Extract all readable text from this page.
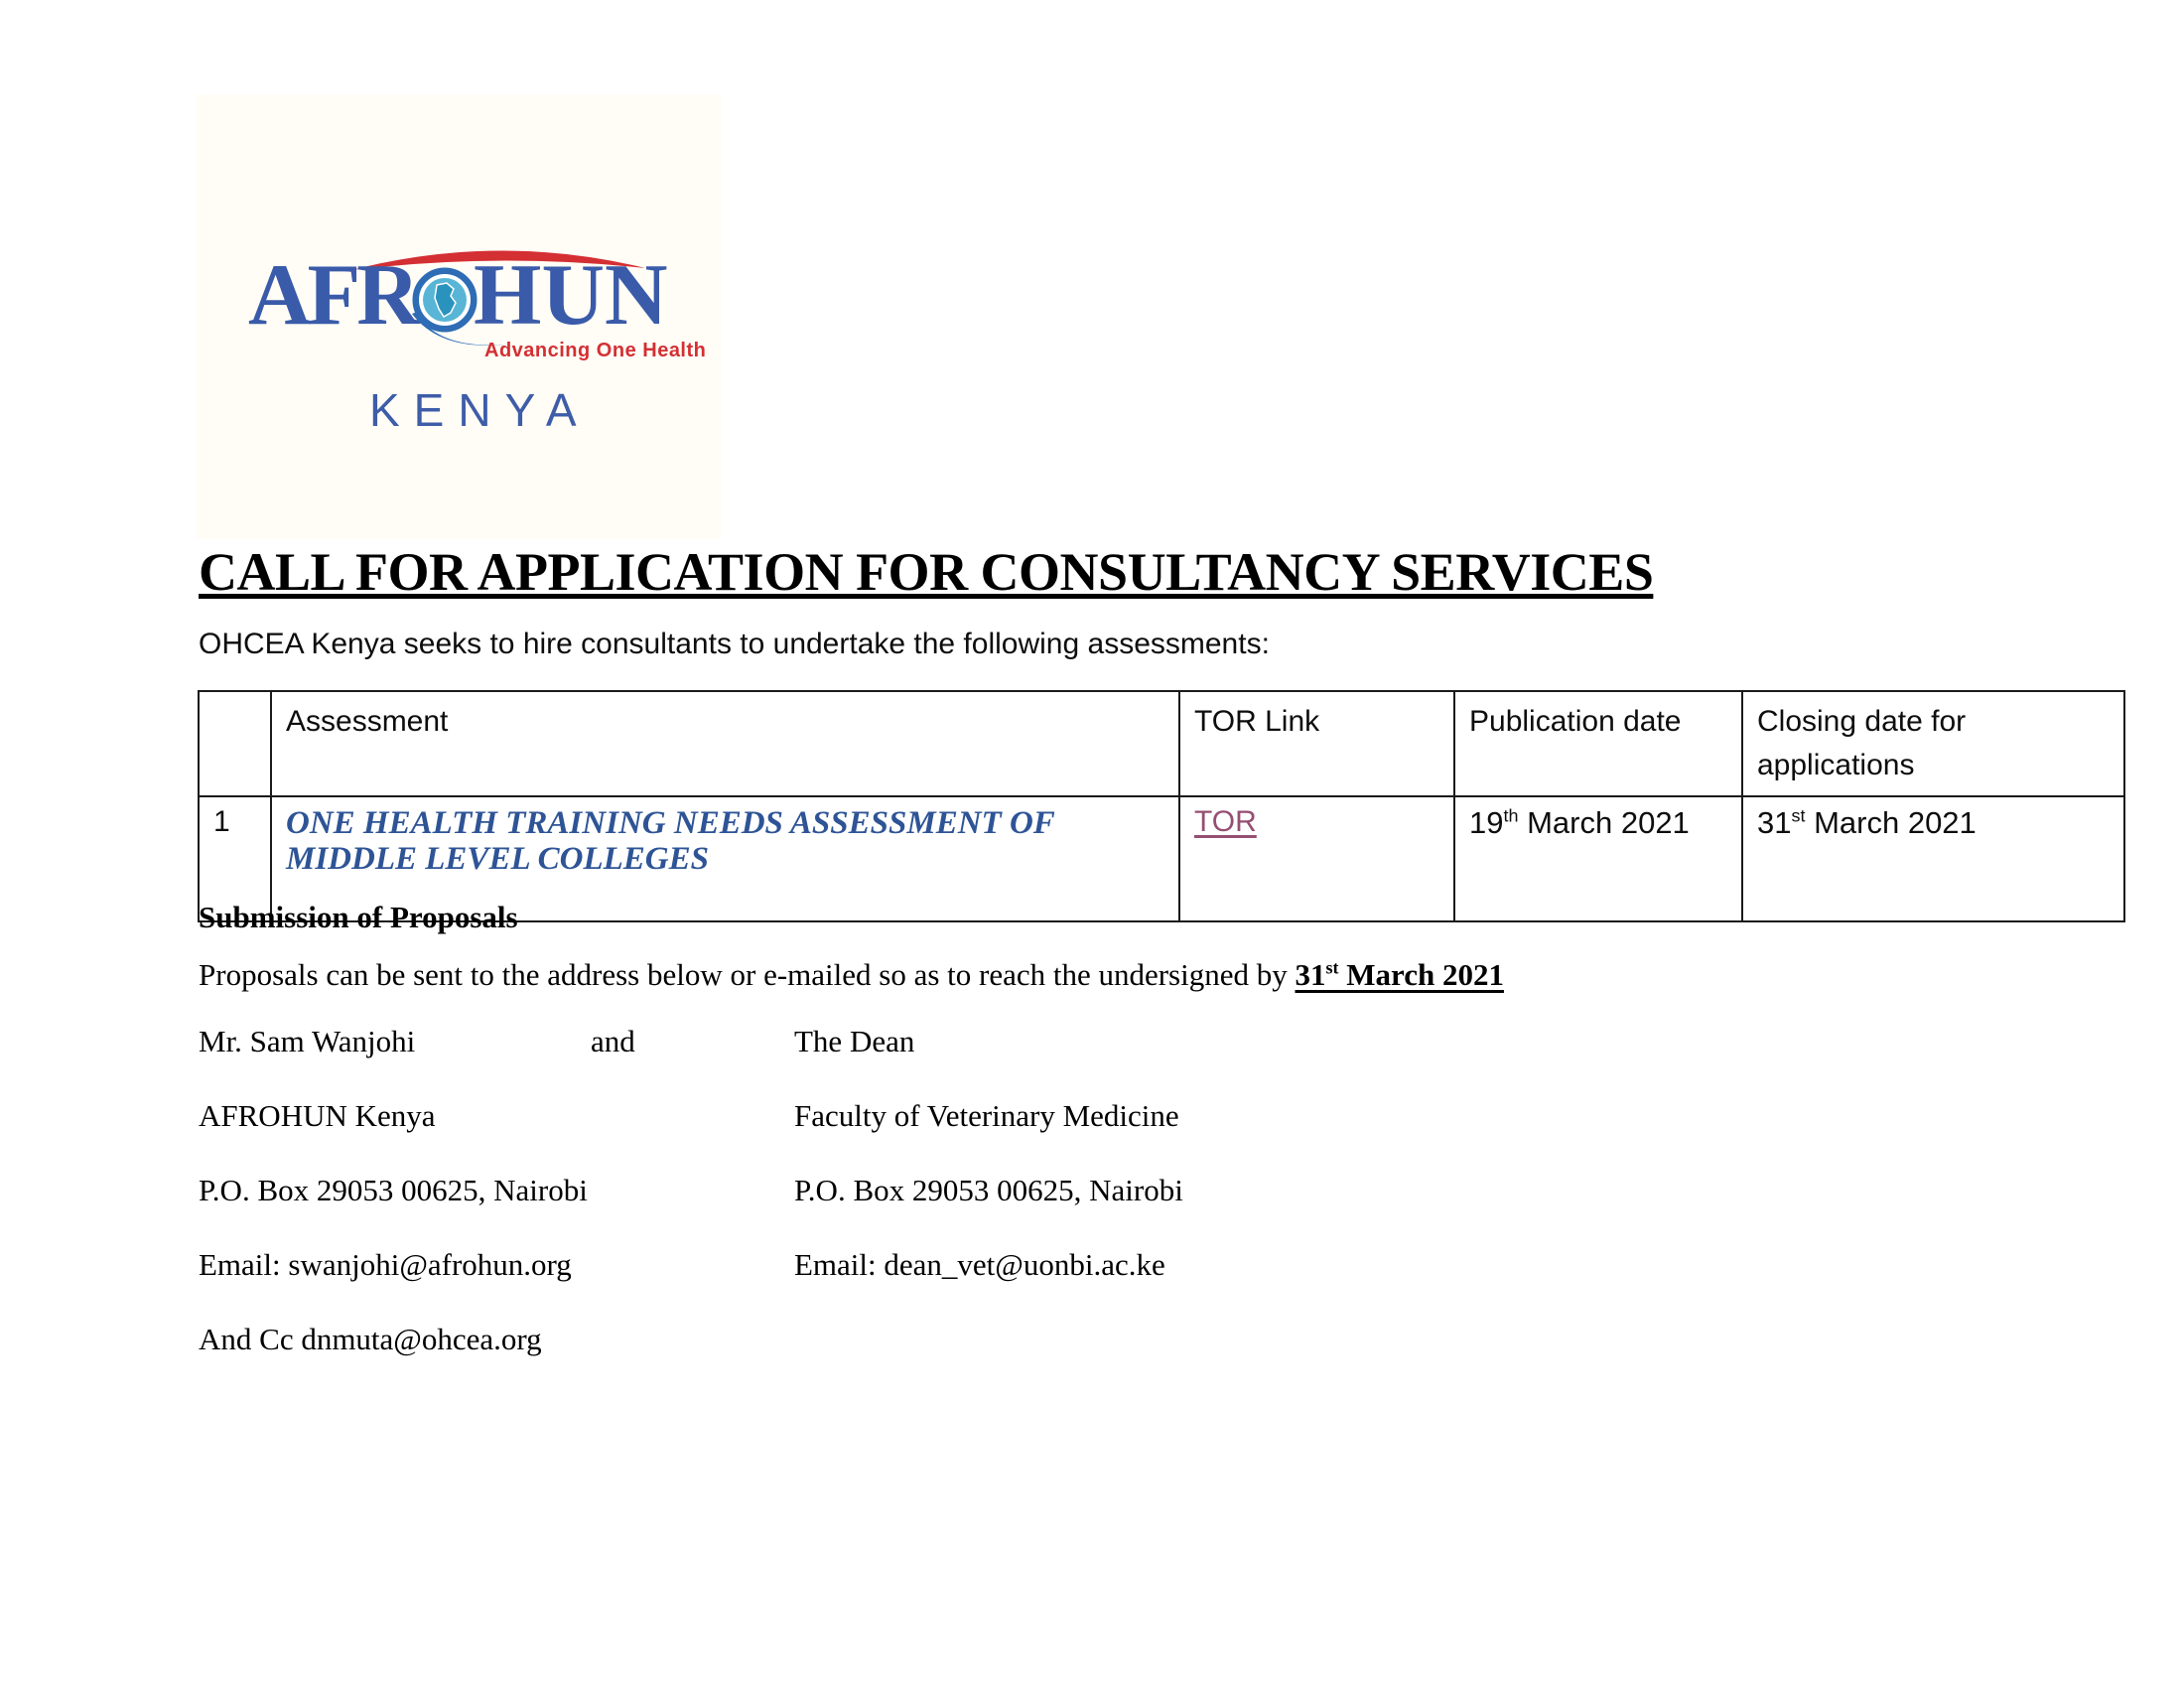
AFR HUN
Advancing One Health
KENYA
CALL FOR APPLICATION FOR CONSULTANCY SERVICES
OHCEA Kenya seeks to hire consultants to undertake the following assessments:
	Assessment	TOR Link	Publication date	Closing date for applications
1	ONE HEALTH TRAINING NEEDS ASSESSMENT OF MIDDLE LEVEL COLLEGES	TOR	19th March 2021	31st March 2021
Submission of Proposals
Proposals can be sent to the address below or e-mailed so as to reach the undersigned by 31st March 2021
Mr. Sam Wanjohi	and	The Dean
AFROHUN Kenya	Faculty of Veterinary Medicine
P.O. Box 29053 00625, Nairobi	P.O. Box 29053 00625, Nairobi
Email: swanjohi@afrohun.org	Email: dean_vet@uonbi.ac.ke
And Cc dnmuta@ohcea.org
